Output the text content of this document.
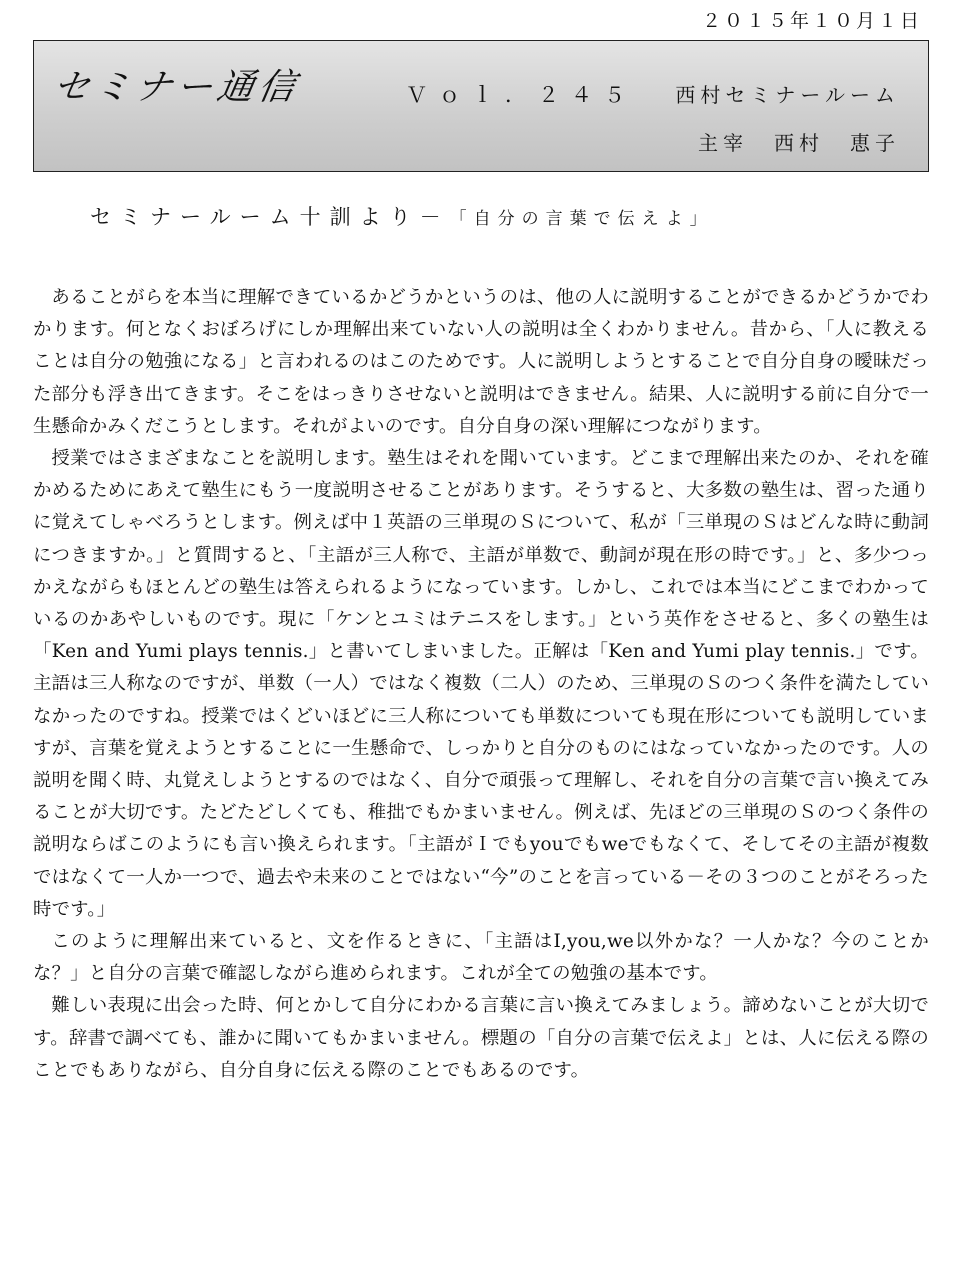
２０１５年１０月１日
セミナー通信	Ｖｏｌ．２４５ 西村セミナールーム
主宰 西村 恵子
セミナールーム十訓より－「自分の言葉で伝えよ」

あることがらを本当に理解できているかどうかというのは、他の人に説明することができるかどうかでわかります。何となくおぼろげにしか理解出来ていない人の説明は全くわかりません。昔から、「人に教えることは自分の勉強になる」と言われるのはこのためです。人に説明しようとすることで自分自身の曖昧だった部分も浮き出てきます。そこをはっきりさせないと説明はできません。結果、人に説明する前に自分で一生懸命かみくだこうとします。それがよいのです。自分自身の深い理解につながります。

授業ではさまざまなことを説明します。塾生はそれを聞いています。どこまで理解出来たのか、それを確かめるためにあえて塾生にもう一度説明させることがあります。そうすると、大多数の塾生は、習った通りに覚えてしゃべろうとします。例えば中１英語の三単現のＳについて、私が「三単現のＳはどんな時に動詞につきますか。」と質問すると、「主語が三人称で、主語が単数で、動詞が現在形の時です。」と、多少つっかえながらもほとんどの塾生は答えられるようになっています。しかし、これでは本当にどこまでわかっているのかあやしいものです。現に「ケンとユミはテニスをします。」という英作をさせると、多くの塾生は「Ken and Yumi plays tennis.」と書いてしまいました。正解は「Ken and Yumi play tennis.」です。主語は三人称なのですが、単数（一人）ではなく複数（二人）のため、三単現のＳのつく条件を満たしていなかったのですね。授業ではくどいほどに三人称についても単数についても現在形についても説明していますが、言葉を覚えようとすることに一生懸命で、しっかりと自分のものにはなっていなかったのです。人の説明を聞く時、丸覚えしようとするのではなく、自分で頑張って理解し、それを自分の言葉で言い換えてみることが大切です。たどたどしくても、稚拙でもかまいません。例えば、先ほどの三単現のＳのつく条件の説明ならばこのようにも言い換えられます。「主語がＩでもyouでもweでもなくて、そしてその主語が複数ではなくて一人か一つで、過去や未来のことではない“今”のことを言っている－その３つのことがそろった時です。」

このように理解出来ていると、文を作るときに、「主語はI,you,we以外かな？一人かな？今のことかな？」と自分の言葉で確認しながら進められます。これが全ての勉強の基本です。

難しい表現に出会った時、何とかして自分にわかる言葉に言い換えてみましょう。諦めないことが大切です。辞書で調べても、誰かに聞いてもかまいません。標題の「自分の言葉で伝えよ」とは、人に伝える際のことでもありながら、自分自身に伝える際のことでもあるのです。
